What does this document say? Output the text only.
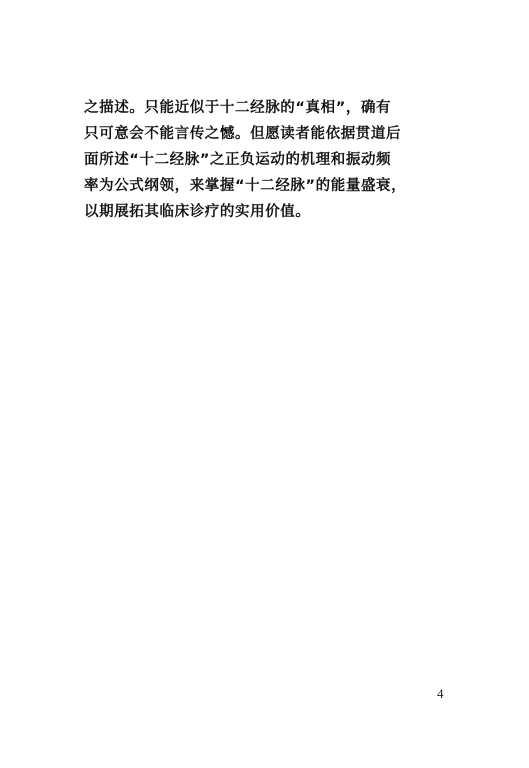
之描述。只能近似于十二经脉的“真相”，确有
只可意会不能言传之憾。但愿读者能依据贯道后
面所述“十二经脉”之正负运动的机理和振动频
率为公式纲领，来掌握“十二经脉”的能量盛衰，
以期展拓其临床诊疗的实用价值。
4
